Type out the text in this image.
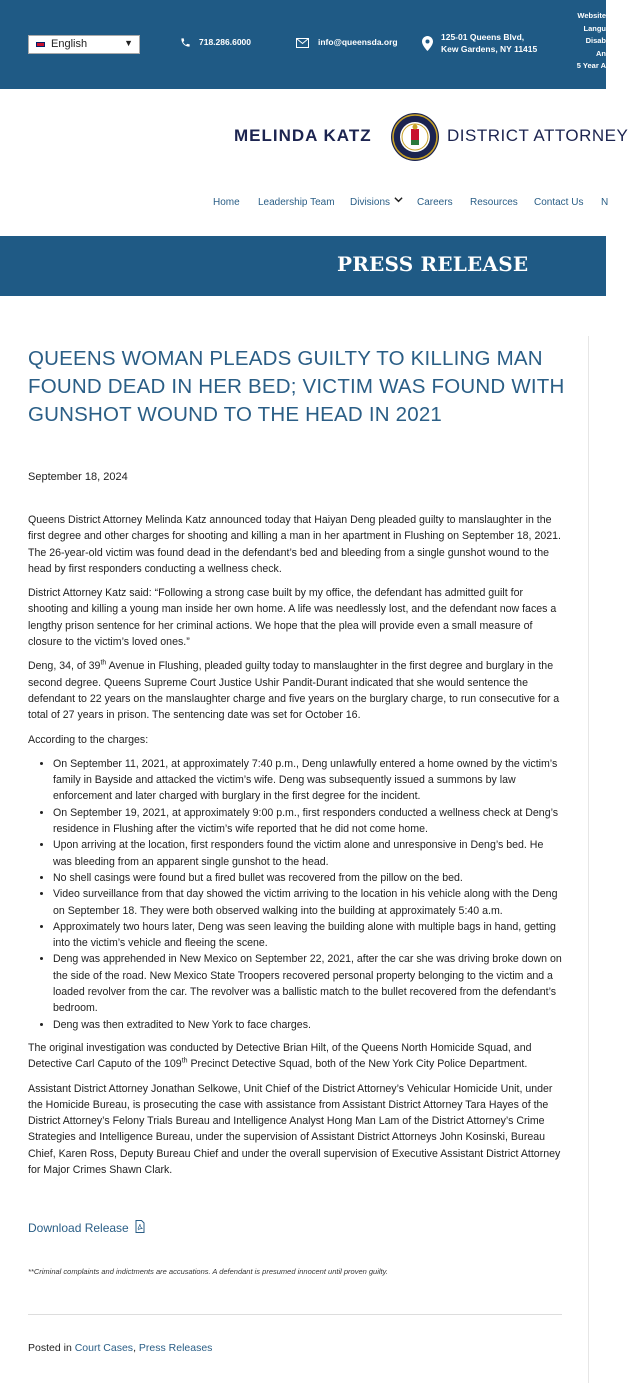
English	▼	718.286.6000	info@queensda.org	125-01 Queens Blvd,
Kew Gardens, NY 11415
Website
Langu
Disab
An
5 Year A
MELINDA KATZ	DISTRICT ATTORNEY
Home Leadership Team Divisions	Careers Resources Contact Us N
PRESS RELEASE
QUEENS WOMAN PLEADS GUILTY TO KILLING MAN FOUND DEAD IN HER BED; VICTIM WAS FOUND WITH GUNSHOT WOUND TO THE HEAD IN 2021
September 18, 2024

Queens District Attorney Melinda Katz announced today that Haiyan Deng pleaded guilty to manslaughter in the first degree and other charges for shooting and killing a man in her apartment in Flushing on September 18, 2021. The 26-year-old victim was found dead in the defendant’s bed and bleeding from a single gunshot wound to the head by first responders conducting a wellness check.

District Attorney Katz said: “Following a strong case built by my office, the defendant has admitted guilt for shooting and killing a young man inside her own home. A life was needlessly lost, and the defendant now faces a lengthy prison sentence for her criminal actions. We hope that the plea will provide even a small measure of closure to the victim’s loved ones.”

Deng, 34, of 39th Avenue in Flushing, pleaded guilty today to manslaughter in the first degree and burglary in the second degree. Queens Supreme Court Justice Ushir Pandit-Durant indicated that she would sentence the defendant to 22 years on the manslaughter charge and five years on the burglary charge, to run consecutive for a total of 27 years in prison. The sentencing date was set for October 16.

According to the charges:

• On September 11, 2021, at approximately 7:40 p.m., Deng unlawfully entered a home owned by the victim’s family in Bayside and attacked the victim’s wife. Deng was subsequently issued a summons by law enforcement and later charged with burglary in the first degree for the incident.
• On September 19, 2021, at approximately 9:00 p.m., first responders conducted a wellness check at Deng’s residence in Flushing after the victim’s wife reported that he did not come home.
• Upon arriving at the location, first responders found the victim alone and unresponsive in Deng’s bed. He was bleeding from an apparent single gunshot to the head.
• No shell casings were found but a fired bullet was recovered from the pillow on the bed.
• Video surveillance from that day showed the victim arriving to the location in his vehicle along with the Deng on September 18. They were both observed walking into the building at approximately 5:40 a.m.
• Approximately two hours later, Deng was seen leaving the building alone with multiple bags in hand, getting into the victim’s vehicle and fleeing the scene.
• Deng was apprehended in New Mexico on September 22, 2021, after the car she was driving broke down on the side of the road. New Mexico State Troopers recovered personal property belonging to the victim and a loaded revolver from the car. The revolver was a ballistic match to the bullet recovered from the defendant’s bedroom.
• Deng was then extradited to New York to face charges.

The original investigation was conducted by Detective Brian Hilt, of the Queens North Homicide Squad, and Detective Carl Caputo of the 109th Precinct Detective Squad, both of the New York City Police Department.

Assistant District Attorney Jonathan Selkowe, Unit Chief of the District Attorney’s Vehicular Homicide Unit, under the Homicide Bureau, is prosecuting the case with assistance from Assistant District Attorney Tara Hayes of the District Attorney’s Felony Trials Bureau and Intelligence Analyst Hong Man Lam of the District Attorney’s Crime Strategies and Intelligence Bureau, under the supervision of Assistant District Attorneys John Kosinski, Bureau Chief, Karen Ross, Deputy Bureau Chief and under the overall supervision of Executive Assistant District Attorney for Major Crimes Shawn Clark.

Download Release
**Criminal complaints and indictments are accusations. A defendant is presumed innocent until proven guilty.
Posted in Court Cases, Press Releases
